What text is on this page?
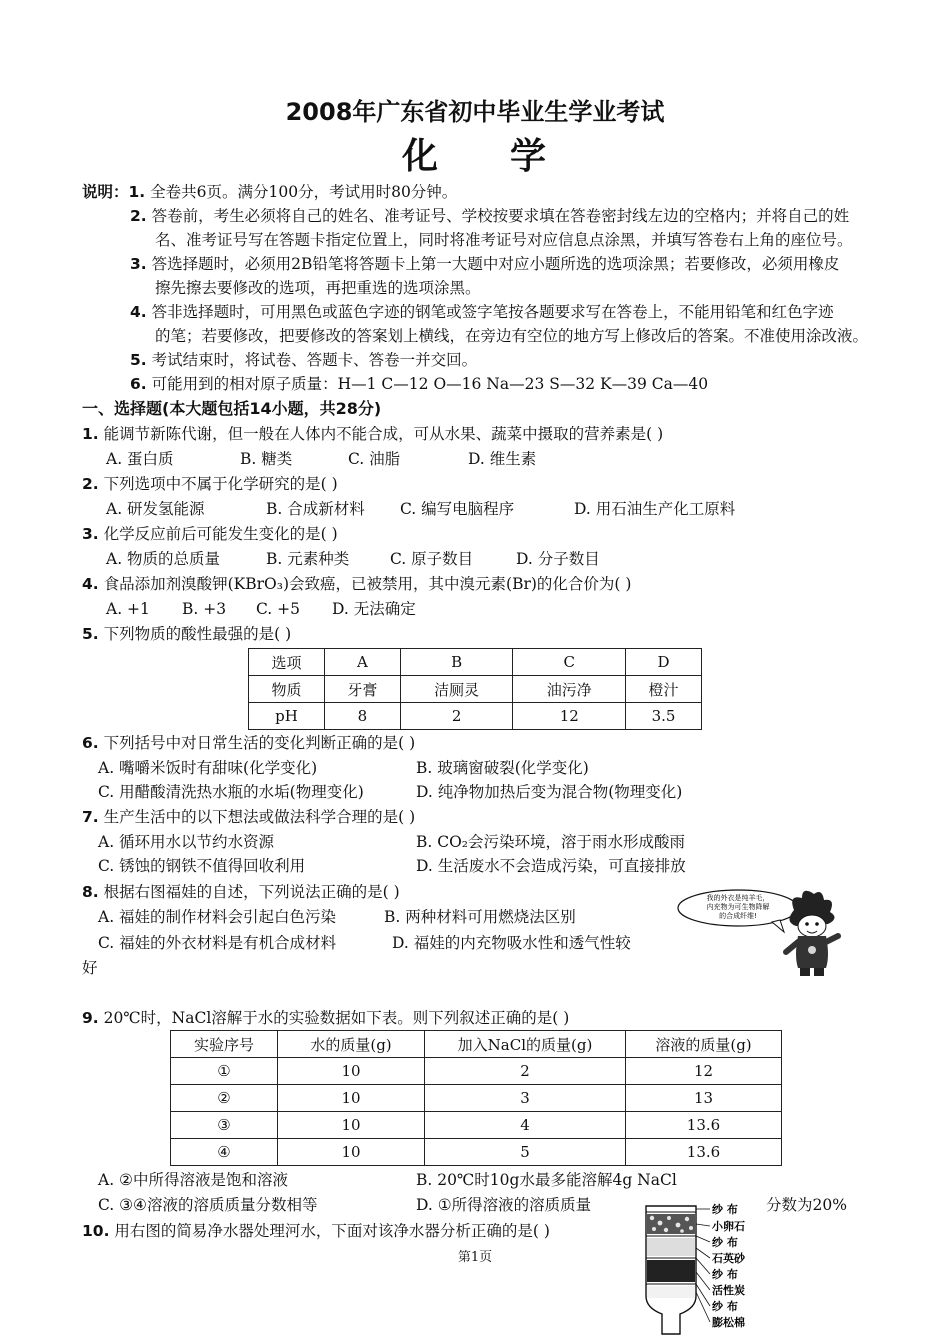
2008年广东省初中毕业生学业考试
化 学
说明：1. 全卷共6页。满分100分，考试用时80分钟。
2. 答卷前，考生必须将自己的姓名、准考证号、学校按要求填在答卷密封线左边的空格内；并将自己的姓
名、准考证号写在答题卡指定位置上，同时将准考证号对应信息点涂黑，并填写答卷右上角的座位号。
3. 答选择题时，必须用2B铅笔将答题卡上第一大题中对应小题所选的选项涂黑；若要修改，必须用橡皮
擦先擦去要修改的选项，再把重选的选项涂黑。
4. 答非选择题时，可用黑色或蓝色字迹的钢笔或签字笔按各题要求写在答卷上，不能用铅笔和红色字迹
的笔；若要修改，把要修改的答案划上横线，在旁边有空位的地方写上修改后的答案。不准使用涂改液。
5. 考试结束时，将试卷、答题卡、答卷一并交回。
6. 可能用到的相对原子质量：H—1 C—12 O—16 Na—23 S—32 K—39 Ca—40
一、选择题(本大题包括14小题，共28分)
1. 能调节新陈代谢，但一般在人体内不能合成，可从水果、蔬菜中摄取的营养素是( )
A. 蛋白质	B. 糖类	C. 油脂	D. 维生素
2. 下列选项中不属于化学研究的是( )
A. 研发氢能源	B. 合成新材料 C. 编写电脑程序	D. 用石油生产化工原料
3. 化学反应前后可能发生变化的是( )
A. 物质的总质量	B. 元素种类	C. 原子数目	D. 分子数目
4. 食品添加剂溴酸钾(KBrO₃)会致癌，已被禁用，其中溴元素(Br)的化合价为( )
A. +1 B. +3 C. +5 D. 无法确定
5. 下列物质的酸性最强的是( )
选项	A	B	C	D
物质	牙膏	洁厕灵	油污净	橙汁
pH	8	2	12	3.5
6. 下列括号中对日常生活的变化判断正确的是( )
A. 嘴嚼米饭时有甜味(化学变化)	B. 玻璃窗破裂(化学变化)
C. 用醋酸清洗热水瓶的水垢(物理变化)	D. 纯净物加热后变为混合物(物理变化)
7. 生产生活中的以下想法或做法科学合理的是( )
A. 循环用水以节约水资源	B. CO₂会污染环境，溶于雨水形成酸雨
C. 锈蚀的钢铁不值得回收利用	D. 生活废水不会造成污染，可直接排放
8. 根据右图福娃的自述，下列说法正确的是( )
A. 福娃的制作材料会引起白色污染	B. 两种材料可用燃烧法区别
C. 福娃的外衣材料是有机合成材料	D. 福娃的内充物吸水性和透气性较
好
我的外衣是纯羊毛，
内充物为可生物降解
的合成纤维!
9. 20℃时，NaCl溶解于水的实验数据如下表。则下列叙述正确的是( )
实验序号	水的质量(g)	加入NaCl的质量(g)	溶液的质量(g)
①	10	2	12
②	10	3	13
③	10	4	13.6
④	10	5	13.6
A. ②中所得溶液是饱和溶液	B. 20℃时10g水最多能溶解4g NaCl
C. ③④溶液的溶质质量分数相等	D. ①所得溶液的溶质质量	分数为20%
10. 用右图的简易净水器处理河水，下面对该净水器分析正确的是( )
纱 布
小卵石
纱 布
石英砂
纱 布
活性炭
纱 布
膨松棉
第1页
